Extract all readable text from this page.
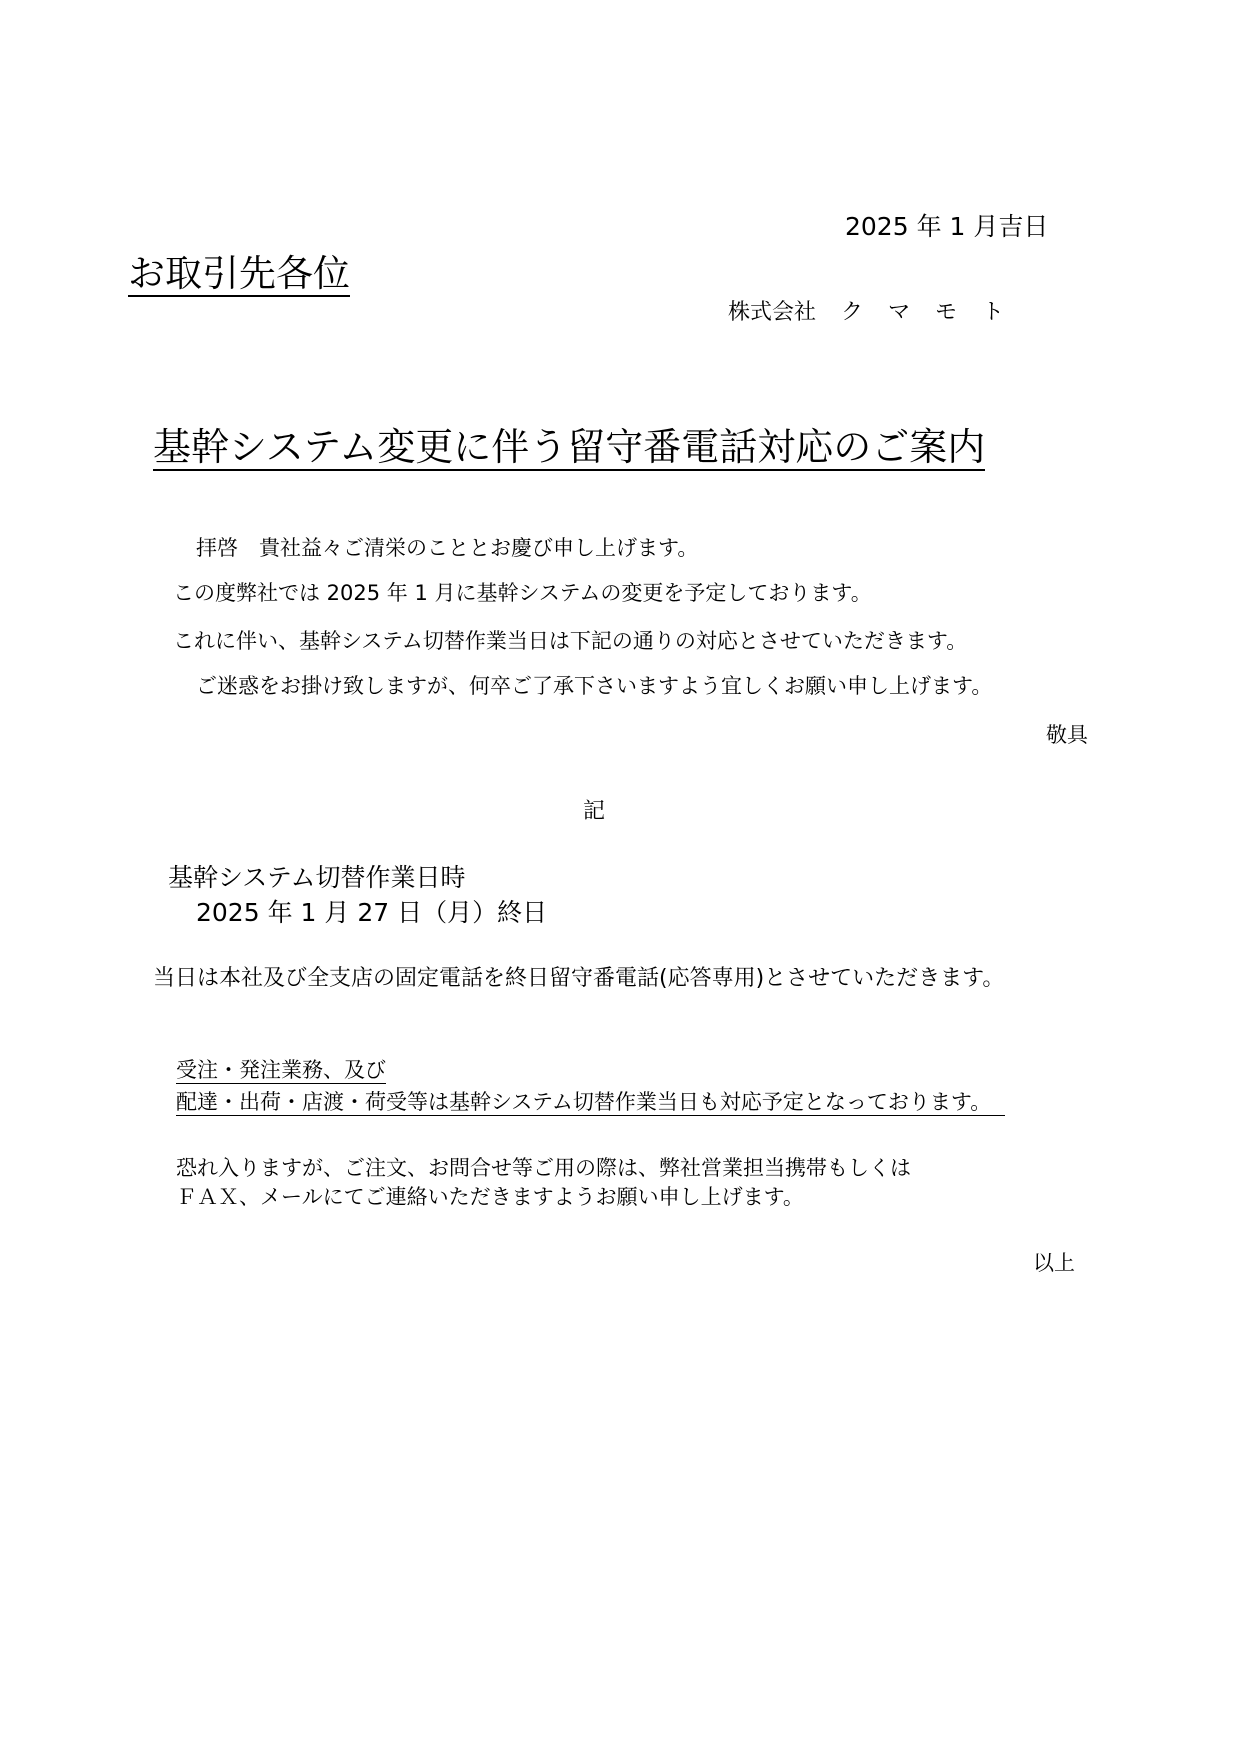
2025 年 1 月吉日
お取引先各位
株式会社 ク マ モ ト
基幹システム変更に伴う留守番電話対応のご案内
拝啓　貴社益々ご清栄のこととお慶び申し上げます。
この度弊社では 2025 年 1 月に基幹システムの変更を予定しております。
これに伴い、基幹システム切替作業当日は下記の通りの対応とさせていただきます。
ご迷惑をお掛け致しますが、何卒ご了承下さいますよう宜しくお願い申し上げます。
敬具
記
基幹システム切替作業日時
2025 年 1 月 27 日（月）終日
当日は本社及び全支店の固定電話を終日留守番電話(応答専用)とさせていただきます。
受注・発注業務、及び
配達・出荷・店渡・荷受等は基幹システム切替作業当日も対応予定となっております。
恐れ入りますが、ご注文、お問合せ等ご用の際は、弊社営業担当携帯もしくは
ＦＡＸ、メールにてご連絡いただきますようお願い申し上げます。
以上
